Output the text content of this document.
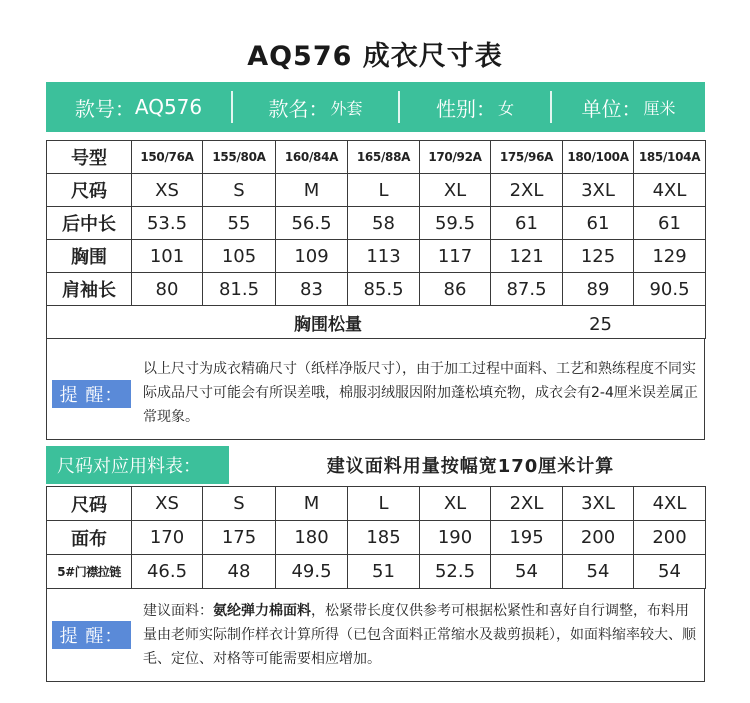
AQ576 成衣尺寸表
款号： AQ576	款名： 外套	性别： 女	单位： 厘米
号型	150/76A	155/80A	160/84A	165/88A	170/92A	175/96A	180/100A	185/104A
尺码	XS	S	M	L	XL	2XL	3XL	4XL
后中长	53.5	55	56.5	58	59.5	61	61	61
胸围	101	105	109	113	117	121	125	129
肩袖长	80	81.5	83	85.5	86	87.5	89	90.5
胸围松量 25								
提 醒：
以上尺寸为成衣精确尺寸（纸样净版尺寸），由于加工过程中面料、工艺和熟练程度不同实际成品尺寸可能会有所误差哦，棉服羽绒服因附加蓬松填充物，成衣会有2-4厘米误差属正常现象。
尺码对应用料表：	建议面料用量按幅宽170厘米计算
尺码	XS	S	M	L	XL	2XL	3XL	4XL
面布	170	175	180	185	190	195	200	200
5#门襟拉链	46.5	48	49.5	51	52.5	54	54	54
提 醒：
建议面料：氨纶弹力棉面料，松紧带长度仅供参考可根据松紧性和喜好自行调整，布料用量由老师实际制作样衣计算所得（已包含面料正常缩水及裁剪损耗），如面料缩率较大、顺毛、定位、对格等可能需要相应增加。
